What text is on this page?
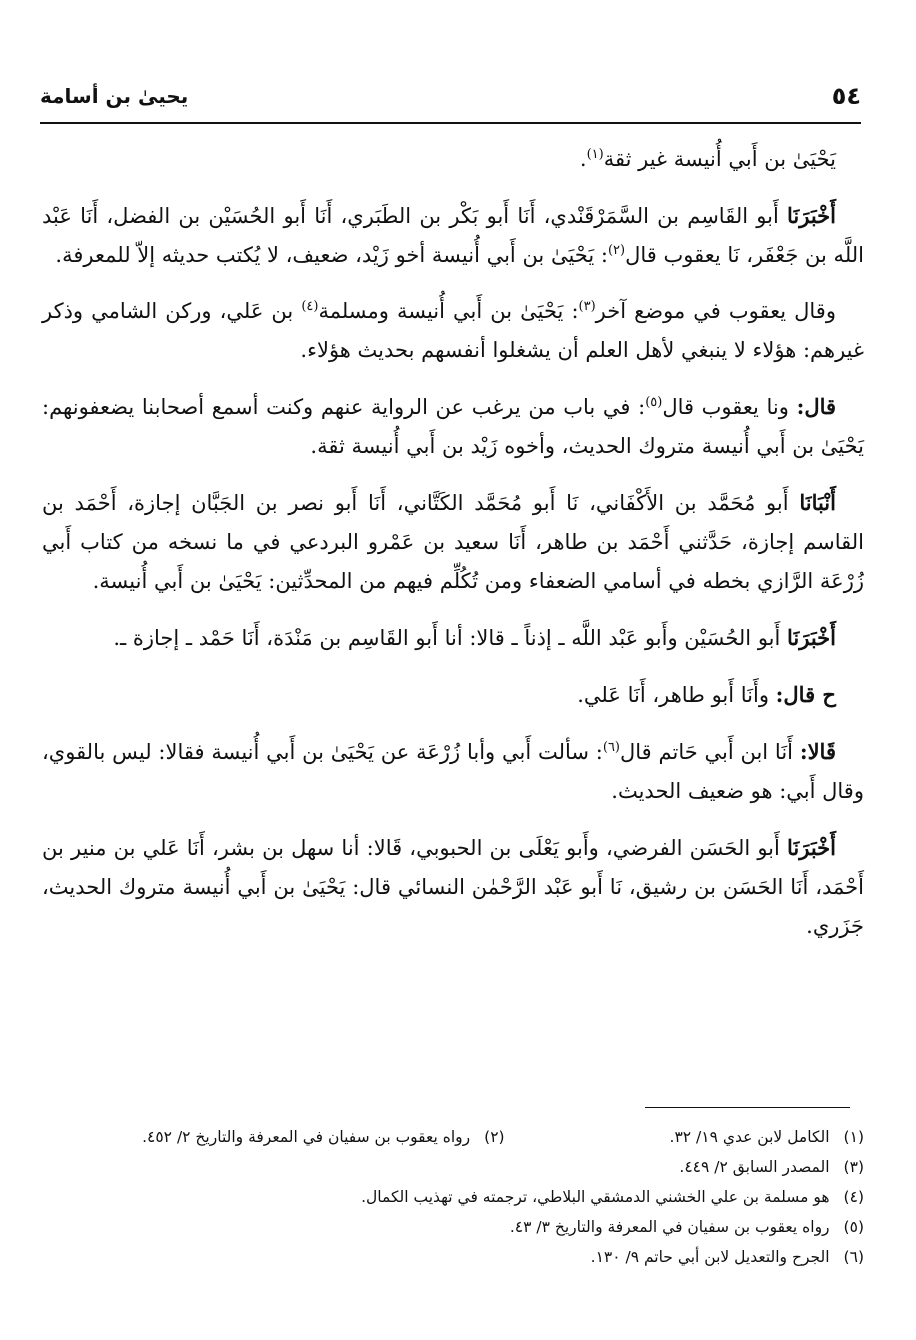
٥٤
يحيىٰ بن أسامة

يَحْيَىٰ بن أَبي أُنيسة غير ثقة$^{(١)}$.

أَخْبَرَنَا أَبو القَاسِم بن السَّمَرْقَنْدي، أَنَا أَبو بَكْر بن الطَبَري، أَنَا أَبو الحُسَيْن بن الفضل، أَنَا عَبْد اللَّه بن جَعْفَر، نَا يعقوب قال$^{(٢)}$: يَحْيَىٰ بن أَبي أُنيسة أخو زَيْد، ضعيف، لا يُكتب حديثه إلاّ للمعرفة.

وقال يعقوب في موضع آخر$^{(٣)}$: يَحْيَىٰ بن أَبي أُنيسة ومسلمة$^{(٤)}$ بن عَلي، وركن الشامي وذكر غيرهم: هؤلاء لا ينبغي لأهل العلم أن يشغلوا أنفسهم بحديث هؤلاء.

قال: ونا يعقوب قال$^{(٥)}$: في باب من يرغب عن الرواية عنهم وكنت أسمع أصحابنا يضعفونهم: يَحْيَىٰ بن أَبي أُنيسة متروك الحديث، وأخوه زَيْد بن أَبي أُنيسة ثقة.

أَنْبَانَا أَبو مُحَمَّد بن الأَكْفَاني، نَا أَبو مُحَمَّد الكَتَّاني، أَنَا أَبو نصر بن الجَبَّان إجازة، أَحْمَد بن القاسم إجازة، حَدَّثني أَحْمَد بن طاهر، أَنَا سعيد بن عَمْرو البردعي في ما نسخه من كتاب أَبي زُرْعَة الرَّازي بخطه في أسامي الضعفاء ومن تُكُلِّم فيهم من المحدِّثين: يَحْيَىٰ بن أَبي أُنيسة.

أَخْبَرَنَا أَبو الحُسَيْن وأَبو عَبْد اللَّه ـ إذناً ـ قالا: أنا أَبو القَاسِم بن مَنْدَة، أَنَا حَمْد ـ إجازة ـ.

ح قال: وأَنَا أَبو طاهر، أَنَا عَلي.

قَالا: أَنَا ابن أَبي حَاتم قال$^{(٦)}$: سألت أَبي وأبا زُرْعَة عن يَحْيَىٰ بن أَبي أُنيسة فقالا: ليس بالقوي، وقال أَبي: هو ضعيف الحديث.

أَخْبَرَنَا أَبو الحَسَن الفرضي، وأَبو يَعْلَى بن الحبوبي، قَالا: أنا سهل بن بشر، أَنَا عَلي بن منير بن أَحْمَد، أَنَا الحَسَن بن رشيق، نَا أَبو عَبْد الرَّحْمٰن النسائي قال: يَحْيَىٰ بن أَبي أُنيسة متروك الحديث، جَزَري.

(١)الكامل لابن عدي ١٩/ ٣٢. (٢)رواه يعقوب بن سفيان في المعرفة والتاريخ ٢/ ٤٥٢.
(٣)المصدر السابق ٢/ ٤٤٩.
(٤)هو مسلمة بن علي الخشني الدمشقي البلاطي، ترجمته في تهذيب الكمال.
(٥)رواه يعقوب بن سفيان في المعرفة والتاريخ ٣/ ٤٣.
(٦)الجرح والتعديل لابن أبي حاتم ٩/ ١٣٠.
